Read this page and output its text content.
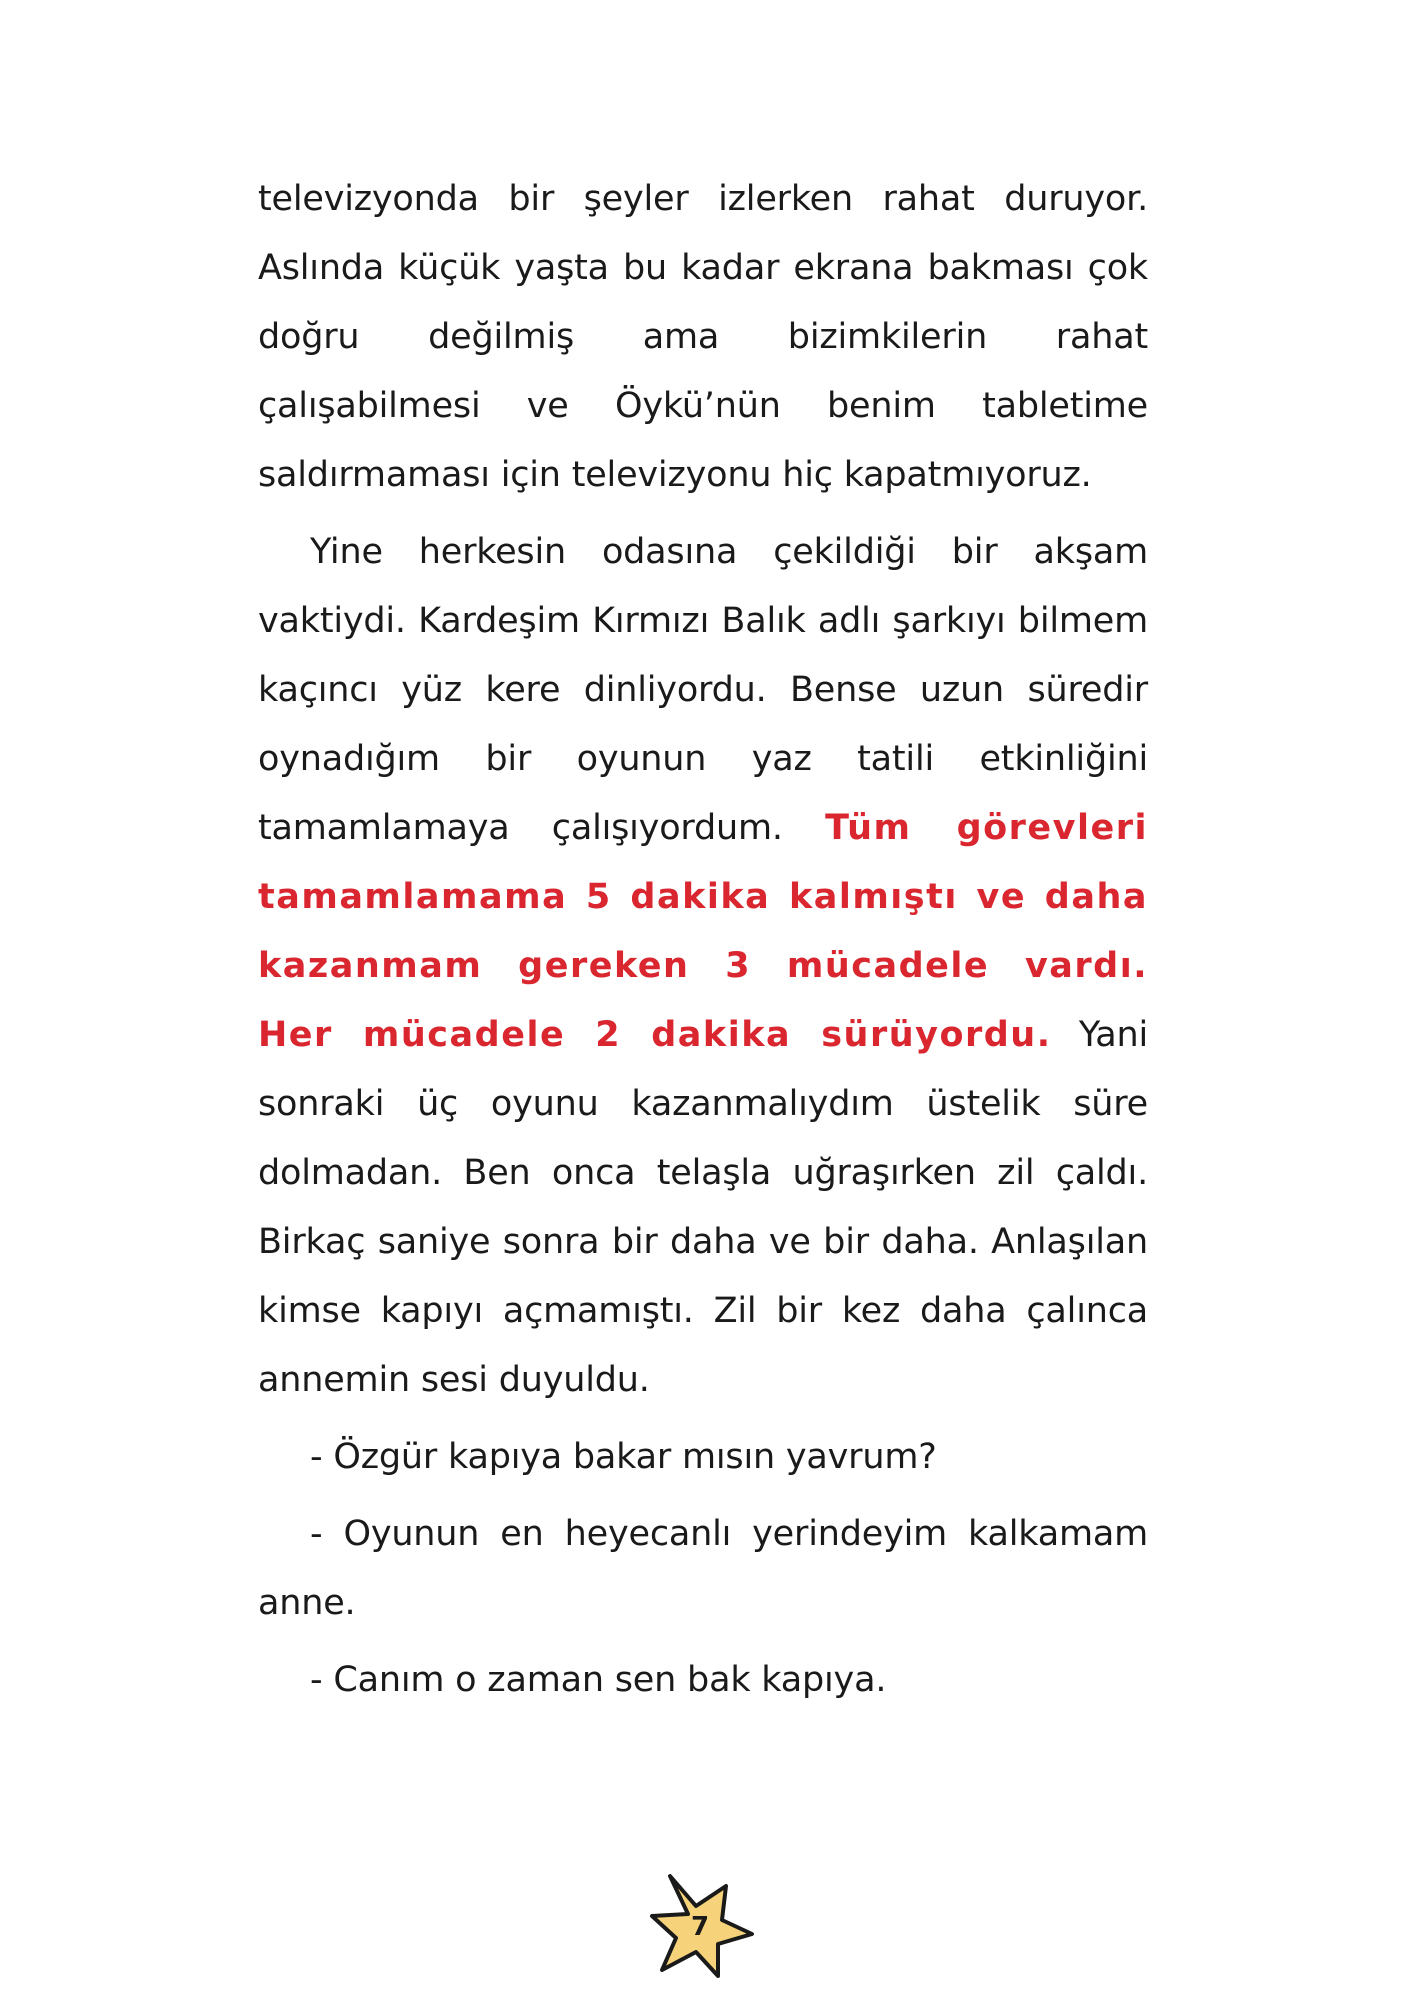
televizyonda bir şeyler izlerken rahat duruyor. Aslında küçük yaşta bu kadar ekrana bakması çok doğru değilmiş ama bizimkilerin rahat çalışabilmesi ve Öykü’nün benim tabletime saldırmaması için televizyonu hiç kapatmıyoruz.

Yine herkesin odasına çekildiği bir akşam vaktiydi. Kardeşim Kırmızı Balık adlı şarkıyı bilmem kaçıncı yüz kere dinliyordu. Bense uzun süredir oynadığım bir oyunun yaz tatili etkinliğini tamamlamaya çalışıyordum. Tüm görevleri tamamlamama 5 dakika kalmıştı ve daha kazanmam gereken 3 mücadele vardı. Her mücadele 2 dakika sürüyordu. Yani sonraki üç oyunu kazanmalıydım üstelik süre dolmadan. Ben onca telaşla uğraşırken zil çaldı. Birkaç saniye sonra bir daha ve bir daha. Anlaşılan kimse kapıyı açmamıştı. Zil bir kez daha çalınca annemin sesi duyuldu.

- Özgür kapıya bakar mısın yavrum?

- Oyunun en heyecanlı yerindeyim kalkamam anne.

- Canım o zaman sen bak kapıya.

7
